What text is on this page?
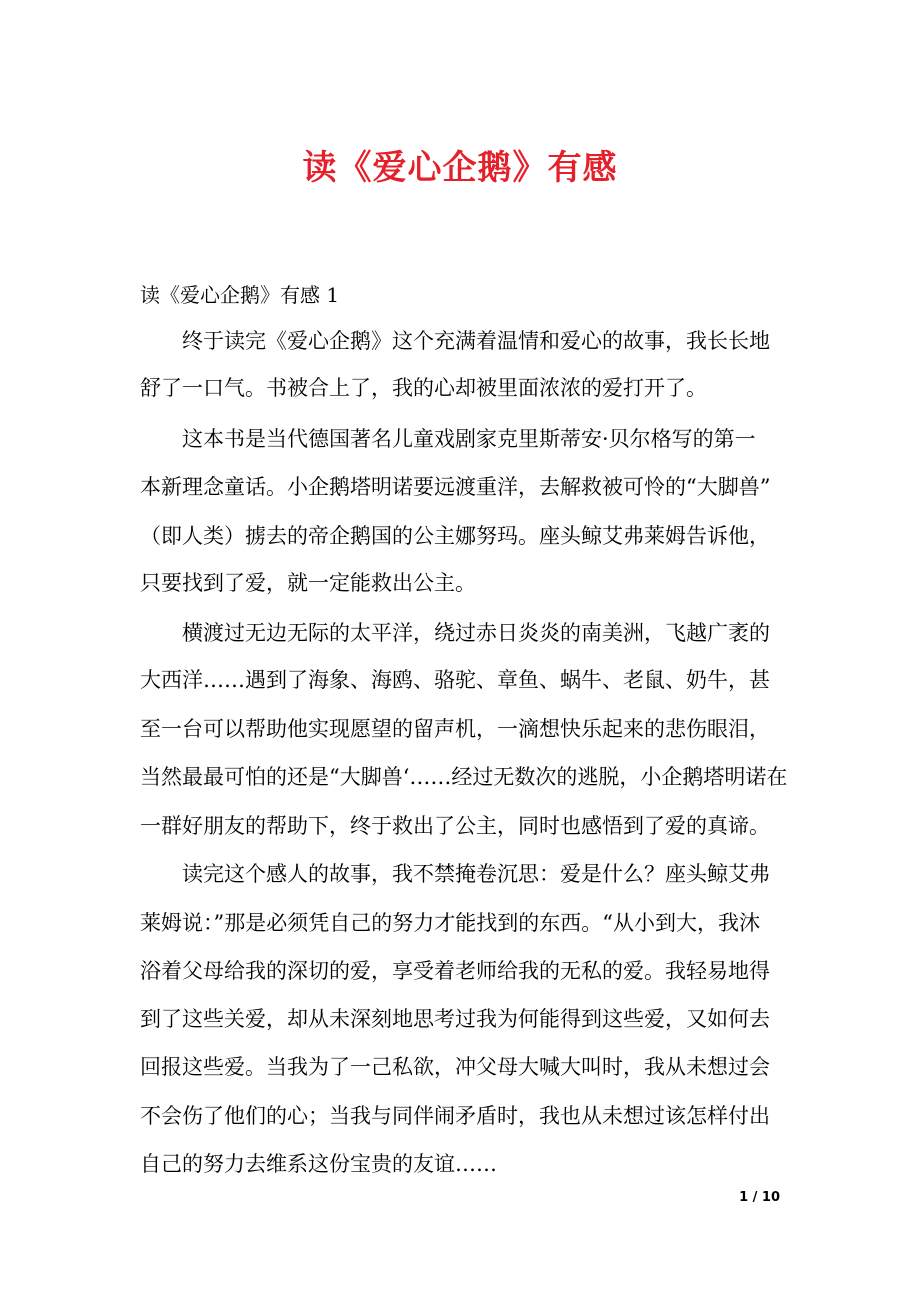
读《爱心企鹅》有感
读《爱心企鹅》有感 1
终于读完《爱心企鹅》这个充满着温情和爱心的故事，我长长地
舒了一口气。书被合上了，我的心却被里面浓浓的爱打开了。
这本书是当代德国著名儿童戏剧家克里斯蒂安·贝尔格写的第一
本新理念童话。小企鹅塔明诺要远渡重洋，去解救被可怜的“大脚兽”
（即人类）掳去的帝企鹅国的公主娜努玛。座头鲸艾弗莱姆告诉他，
只要找到了爱，就一定能救出公主。
横渡过无边无际的太平洋，绕过赤日炎炎的南美洲，飞越广袤的
大西洋……遇到了海象、海鸥、骆驼、章鱼、蜗牛、老鼠、奶牛，甚
至一台可以帮助他实现愿望的留声机，一滴想快乐起来的悲伤眼泪，
当然最最可怕的还是“大脚兽‘……经过无数次的逃脱，小企鹅塔明诺在
一群好朋友的帮助下，终于救出了公主，同时也感悟到了爱的真谛。
读完这个感人的故事，我不禁掩卷沉思：爱是什么？座头鲸艾弗
莱姆说：”那是必须凭自己的努力才能找到的东西。“从小到大，我沐
浴着父母给我的深切的爱，享受着老师给我的无私的爱。我轻易地得
到了这些关爱，却从未深刻地思考过我为何能得到这些爱，又如何去
回报这些爱。当我为了一己私欲，冲父母大喊大叫时，我从未想过会
不会伤了他们的心；当我与同伴闹矛盾时，我也从未想过该怎样付出
自己的努力去维系这份宝贵的友谊……
1 / 10
